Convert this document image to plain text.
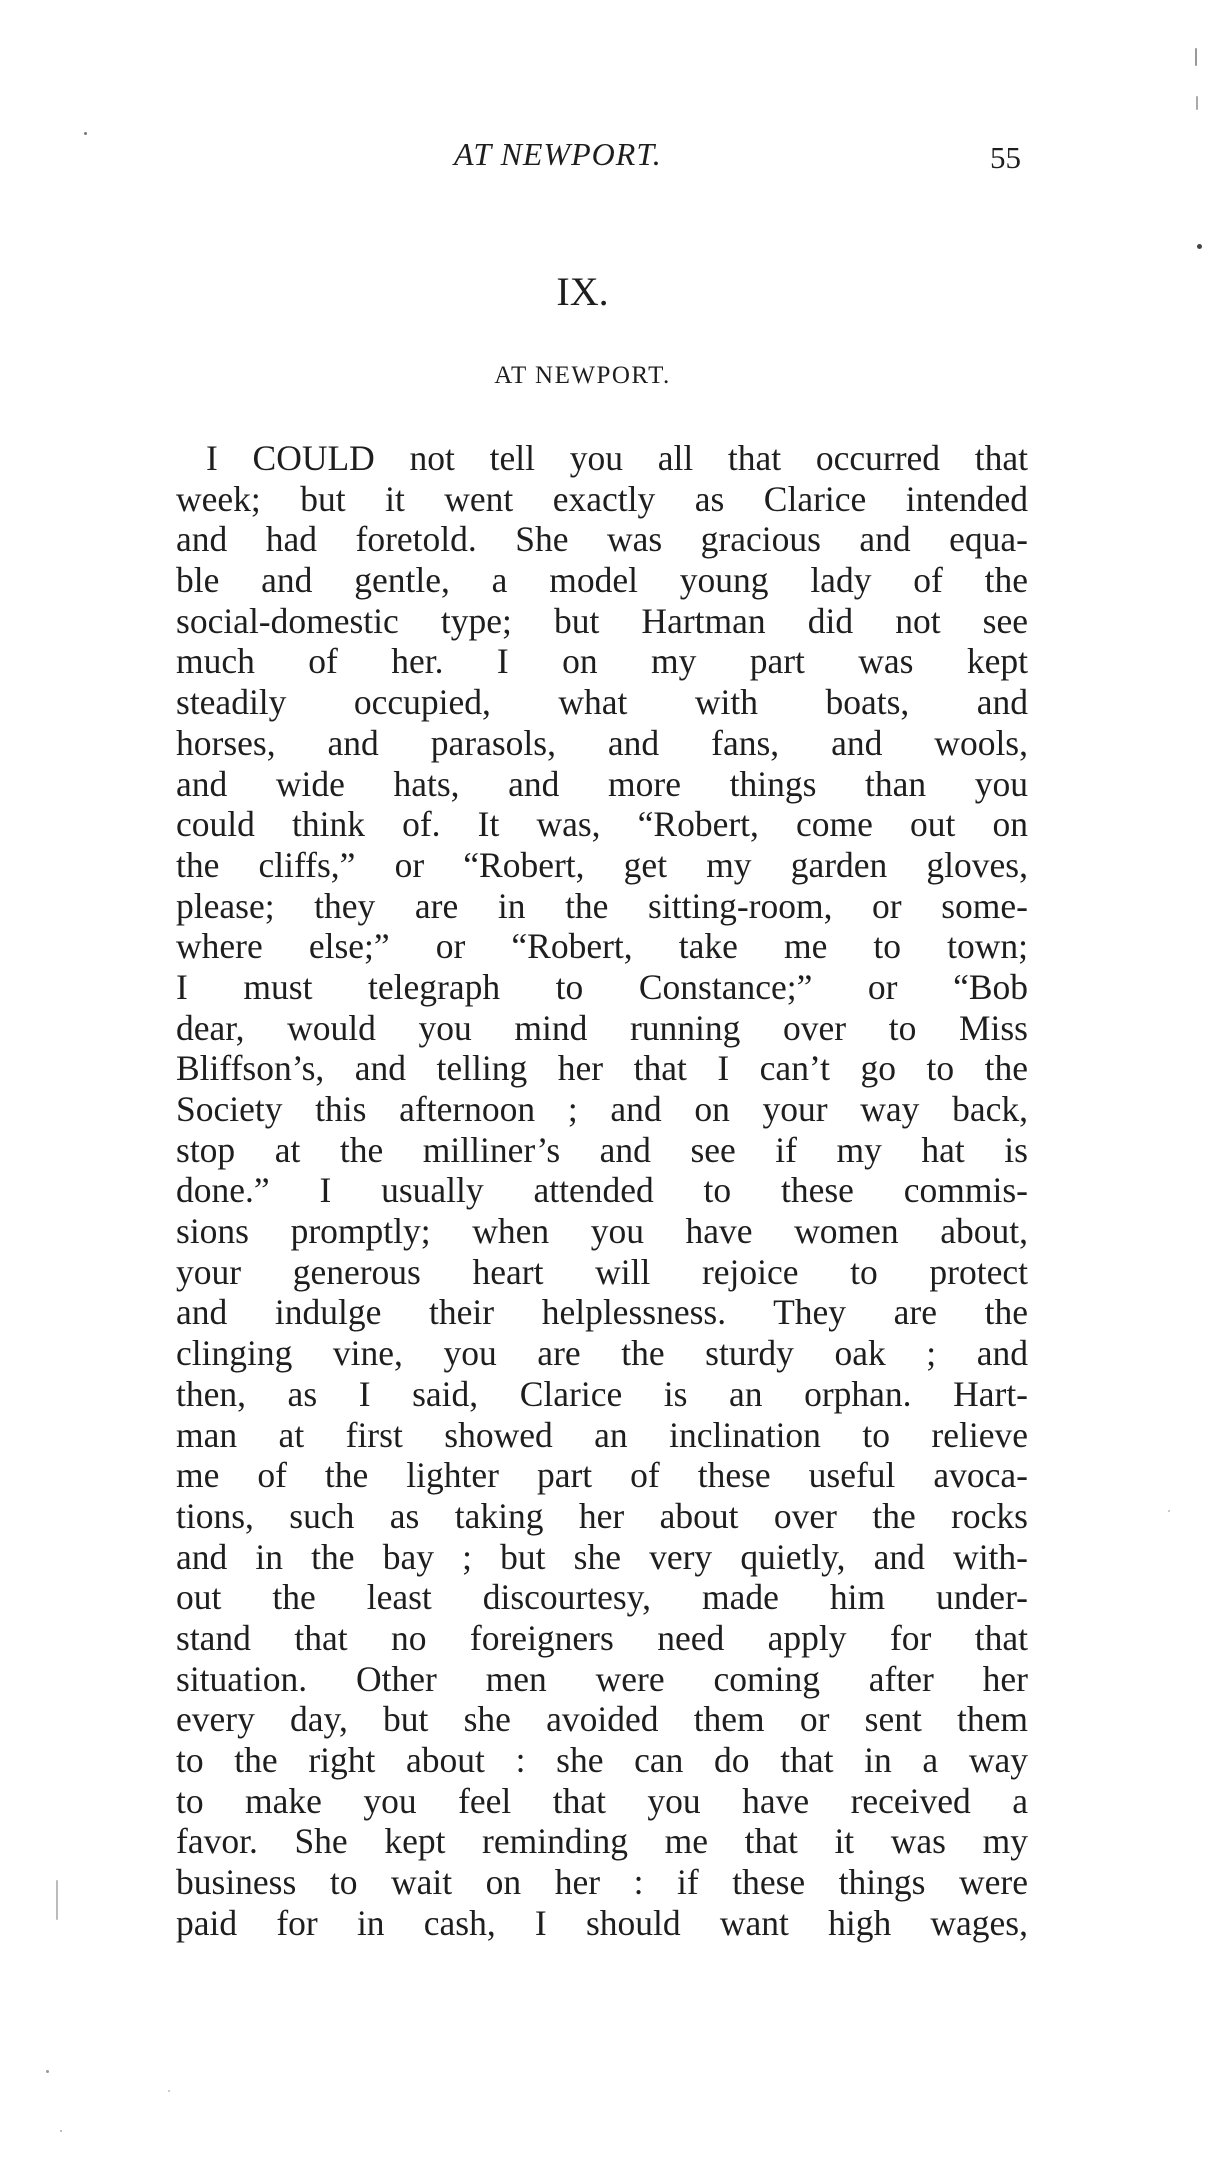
AT NEWPORT.	55
IX.
AT NEWPORT.
I COULD not tell you all that occurred that
week; but it went exactly as Clarice intended
and had foretold. She was gracious and equa-
ble and gentle, a model young lady of the
social-domestic type; but Hartman did not see
much of her. I on my part was kept
steadily occupied, what with boats, and
horses, and parasols, and fans, and wools,
and wide hats, and more things than you
could think of. It was, “Robert, come out on
the cliffs,” or “Robert, get my garden gloves,
please; they are in the sitting-room, or some-
where else;” or “Robert, take me to town;
I must telegraph to Constance;” or “Bob
dear, would you mind running over to Miss
Bliffson’s, and telling her that I can’t go to the
Society this afternoon ; and on your way back,
stop at the milliner’s and see if my hat is
done.” I usually attended to these commis-
sions promptly; when you have women about,
your generous heart will rejoice to protect
and indulge their helplessness. They are the
clinging vine, you are the sturdy oak ; and
then, as I said, Clarice is an orphan. Hart-
man at first showed an inclination to relieve
me of the lighter part of these useful avoca-
tions, such as taking her about over the rocks
and in the bay ; but she very quietly, and with-
out the least discourtesy, made him under-
stand that no foreigners need apply for that
situation. Other men were coming after her
every day, but she avoided them or sent them
to the right about : she can do that in a way
to make you feel that you have received a
favor. She kept reminding me that it was my
business to wait on her : if these things were
paid for in cash, I should want high wages,
